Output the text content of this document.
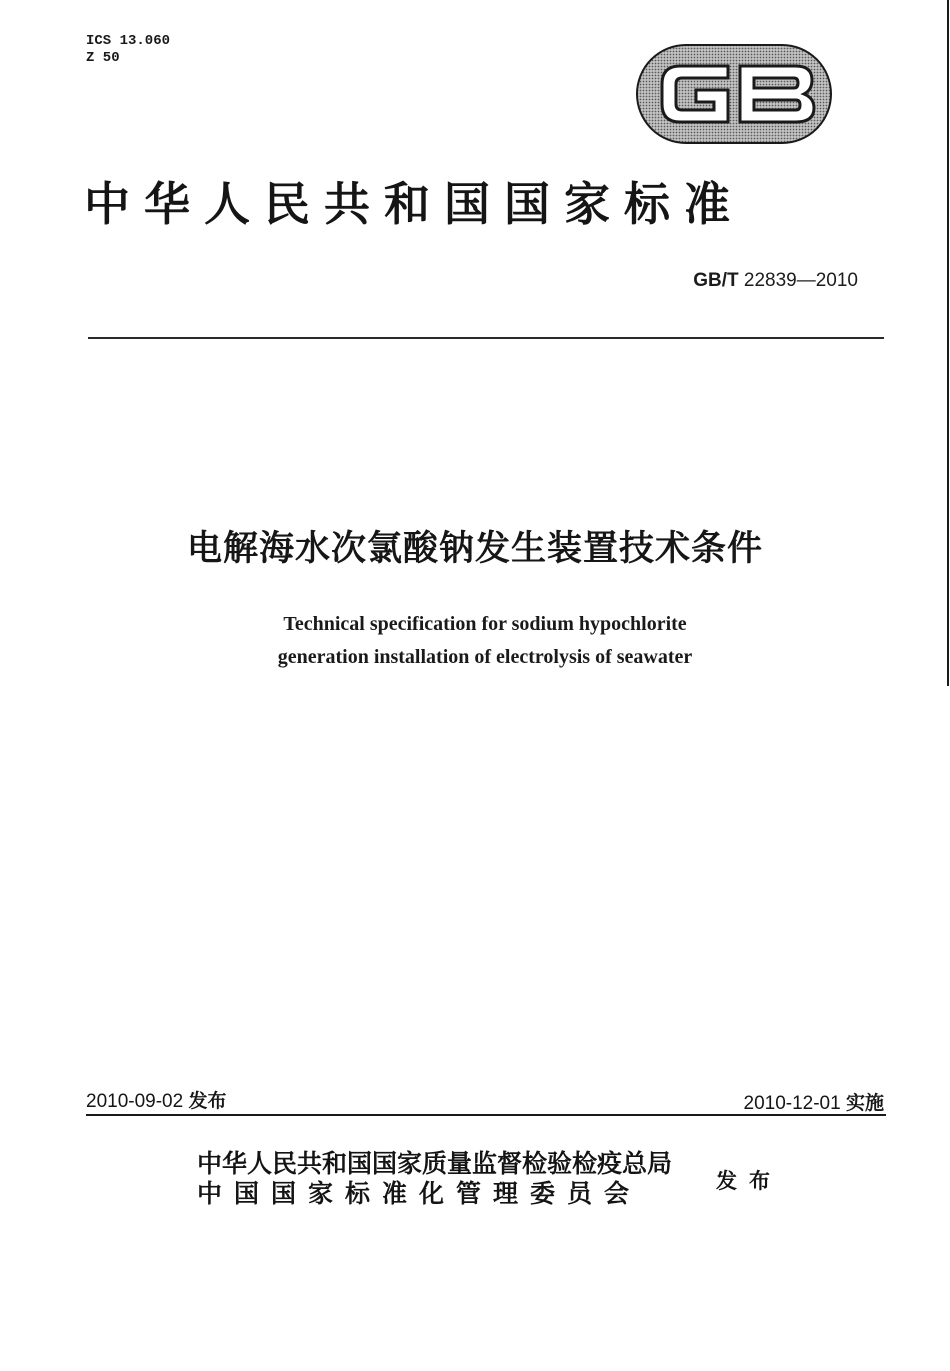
ICS 13.060
Z 50
中华人民共和国国家标准
GB/T 22839—2010
电解海水次氯酸钠发生装置技术条件
Technical specification for sodium hypochlorite
generation installation of electrolysis of seawater
2010-09-02 发布	2010-12-01 实施
中华人民共和国国家质量监督检验检疫总局
中国国家标准化管理委员会	发布
